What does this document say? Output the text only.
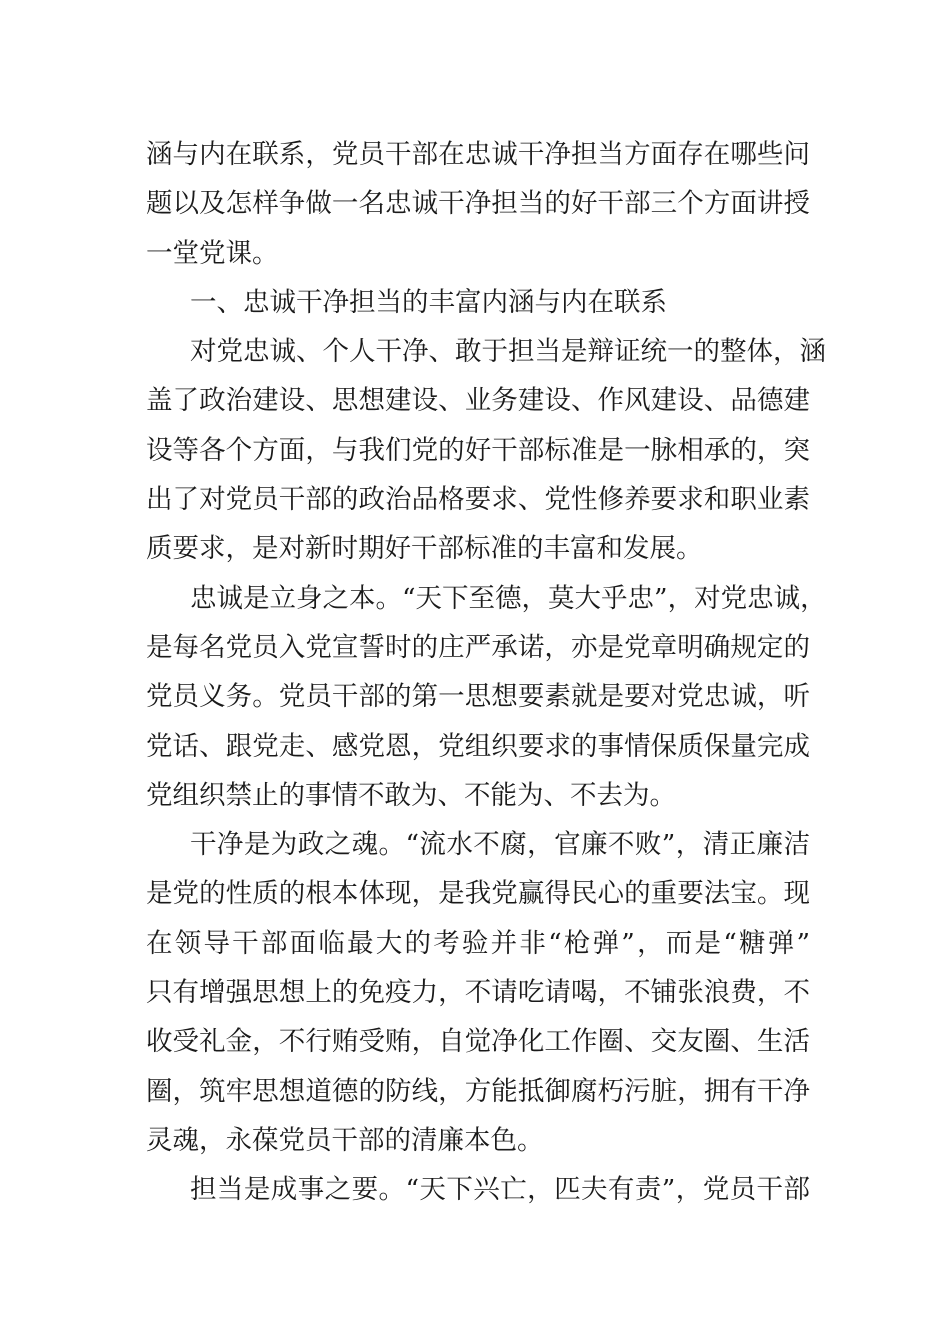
涵与内在联系，党员干部在忠诚干净担当方面存在哪些问
题以及怎样争做一名忠诚干净担当的好干部三个方面讲授
一堂党课。
一、忠诚干净担当的丰富内涵与内在联系
对党忠诚、个人干净、敢于担当是辩证统一的整体，涵
盖了政治建设、思想建设、业务建设、作风建设、品德建
设等各个方面，与我们党的好干部标准是一脉相承的，突
出了对党员干部的政治品格要求、党性修养要求和职业素
质要求，是对新时期好干部标准的丰富和发展。
忠诚是立身之本。“天下至德，莫大乎忠”，对党忠诚，
是每名党员入党宣誓时的庄严承诺，亦是党章明确规定的
党员义务。党员干部的第一思想要素就是要对党忠诚，听
党话、跟党走、感党恩，党组织要求的事情保质保量完成
党组织禁止的事情不敢为、不能为、不去为。
干净是为政之魂。“流水不腐，官廉不败”，清正廉洁
是党的性质的根本体现，是我党赢得民心的重要法宝。现
在领导干部面临最大的考验并非“枪弹”，而是“糖弹”
只有增强思想上的免疫力，不请吃请喝，不铺张浪费，不
收受礼金，不行贿受贿，自觉净化工作圈、交友圈、生活
圈，筑牢思想道德的防线，方能抵御腐朽污脏，拥有干净
灵魂，永葆党员干部的清廉本色。
担当是成事之要。“天下兴亡，匹夫有责”，党员干部
